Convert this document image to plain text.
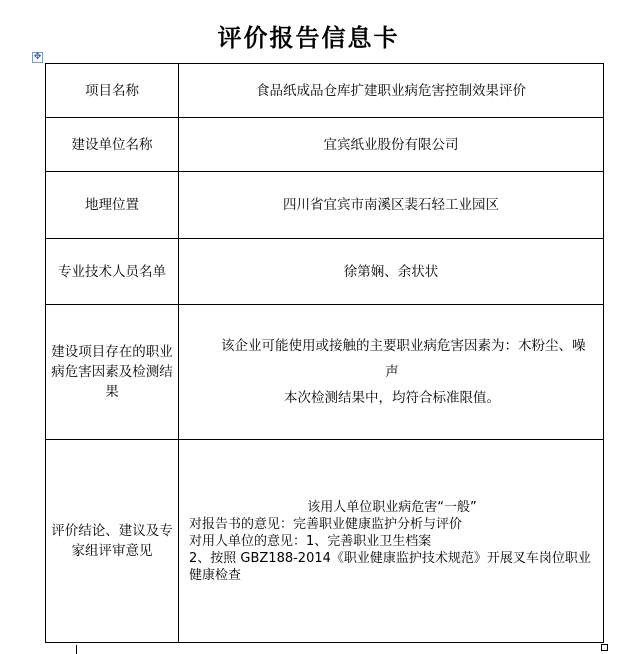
评价报告信息卡
✥
项目名称	食品纸成品仓库扩建职业病危害控制效果评价
建设单位名称	宜宾纸业股份有限公司
地理位置	四川省宜宾市南溪区裴石轻工业园区
专业技术人员名单	徐第娴、余状状
建设项目存在的职业病危害因素及检测结果	该企业可能使用或接触的主要职业病危害因素为：木粉尘、噪
声
本次检测结果中，均符合标准限值。

评价结论、建议及专家组评审意见	该用人单位职业病危害“一般”
对报告书的意见：完善职业健康监护分析与评价
对用人单位的意见：1、完善职业卫生档案
2、按照 GBZ188-2014《职业健康监护技术规范》开展叉车岗位职业
健康检查
